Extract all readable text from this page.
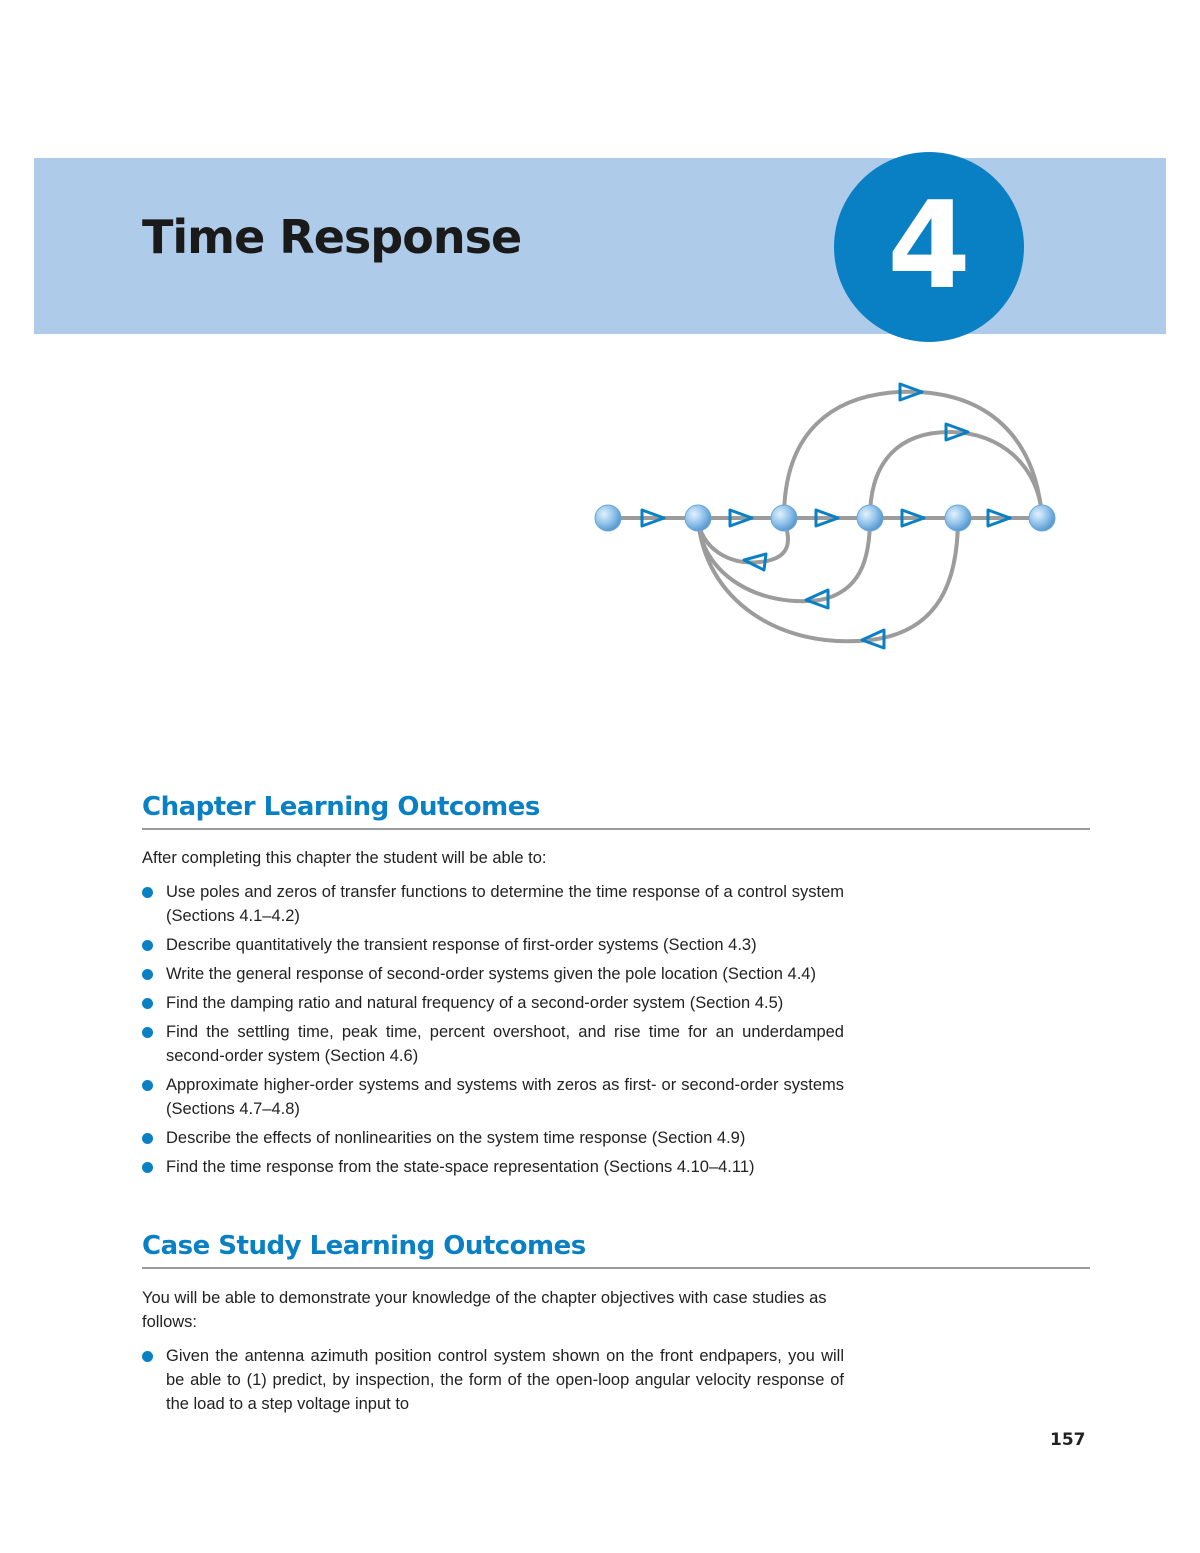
Time Response	4
Chapter Learning Outcomes
After completing this chapter the student will be able to:
Use poles and zeros of transfer functions to determine the time response of a control system (Sections 4.1–4.2)
Describe quantitatively the transient response of first-order systems (Section 4.3)
Write the general response of second-order systems given the pole location (Section 4.4)
Find the damping ratio and natural frequency of a second-order system (Section 4.5)
Find the settling time, peak time, percent overshoot, and rise time for an underdamped second-order system (Section 4.6)
Approximate higher-order systems and systems with zeros as first- or second-order systems (Sections 4.7–4.8)
Describe the effects of nonlinearities on the system time response (Section 4.9)
Find the time response from the state-space representation (Sections 4.10–4.11)
Case Study Learning Outcomes
You will be able to demonstrate your knowledge of the chapter objectives with case studies as follows:
Given the antenna azimuth position control system shown on the front endpapers, you will be able to (1) predict, by inspection, the form of the open-loop angular velocity response of the load to a step voltage input to
157
